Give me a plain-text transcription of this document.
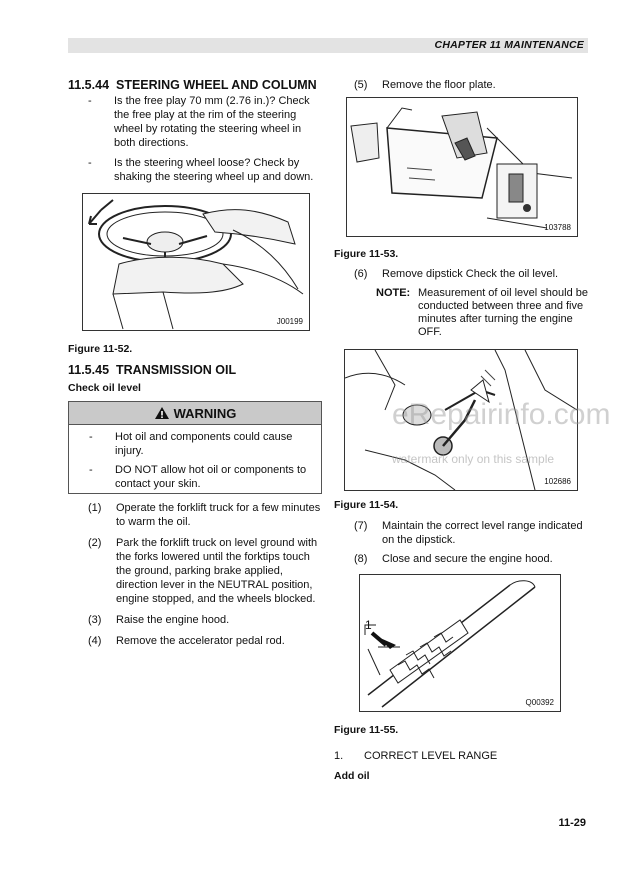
CHAPTER 11 MAINTENANCE
11.5.44 STEERING WHEEL AND COLUMN
-	Is the free play 70 mm (2.76 in.)? Check the free play at the rim of the steering wheel by rotating the steering wheel in both directions.
-	Is the steering wheel loose? Check by shaking the steering wheel up and down.
J00199
Figure 11-52.
11.5.45 TRANSMISSION OIL
Check oil level
WARNING
-	Hot oil and components could cause injury.
-	DO NOT allow hot oil or components to contact your skin.
(1)	Operate the forklift truck for a few minutes to warm the oil.
(2)	Park the forklift truck on level ground with the forks lowered until the forktips touch the ground, parking brake applied, direction lever in the NEUTRAL position, engine stopped, and the wheels blocked.
(3)	Raise the engine hood.
(4)	Remove the accelerator pedal rod.
(5)	Remove the floor plate.
103788
Figure 11-53.
(6)	Remove dipstick Check the oil level.
NOTE: Measurement of oil level should be conducted between three and five minutes after turning the engine OFF.
102686
Figure 11-54.
(7)	Maintain the correct level range indicated on the dipstick.
(8)	Close and secure the engine hood.
1
Q00392
Figure 11-55.
1.	CORRECT LEVEL RANGE
Add oil
eRepairinfo.com
watermark only on this sample
11-29
